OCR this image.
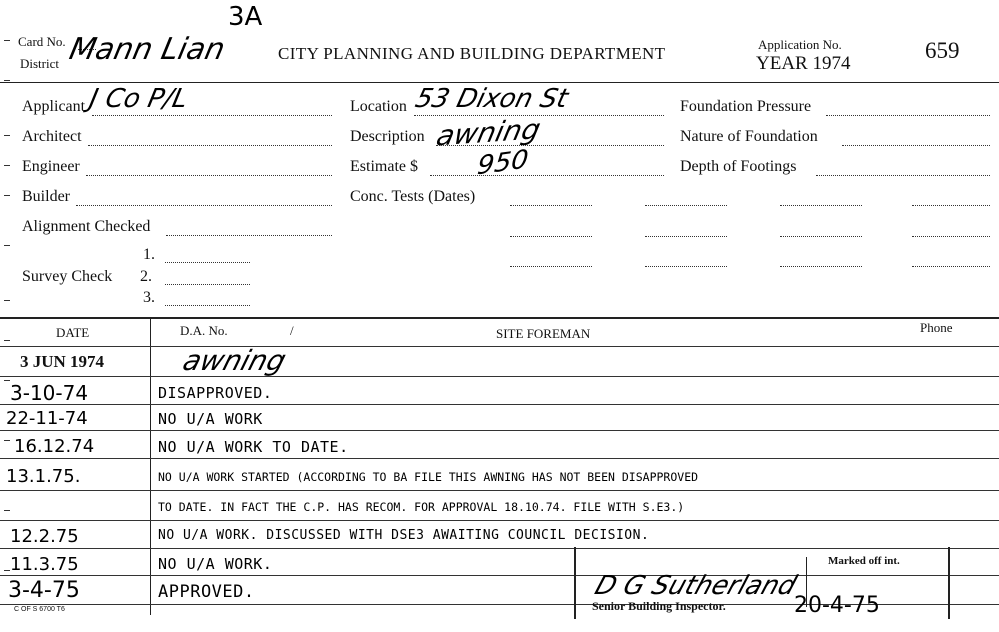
3A
Card No.
District Mann Lian	CITY PLANNING AND BUILDING DEPARTMENT	Application No.
YEAR 1974
659
Applicant J Co P/L
Architect
Engineer
Builder
Alignment Checked
1.
Survey Check 2.
3.
Location 53 Dixon St
Description awning
Estimate $ 950
Conc. Tests (Dates)
Foundation Pressure
Nature of Foundation
Depth of Footings
DATE	D.A. No.	/	SITE FOREMAN	Phone
3 JUN 1974	awning
3-10-74	DISAPPROVED.
22-11-74	NO U/A WORK
16.12.74	NO U/A WORK TO DATE.
13.1.75.	NO U/A WORK STARTED (ACCORDING TO BA FILE THIS AWNING HAS NOT BEEN DISAPPROVED
TO DATE. IN FACT THE C.P. HAS RECOM. FOR APPROVAL 18.10.74. FILE WITH S.E3.)
12.2.75	NO U/A WORK. DISCUSSED WITH DSE3 AWAITING COUNCIL DECISION.
11.3.75	NO U/A WORK.
3-4-75	APPROVED.
Marked off int.
D G Sutherland
Senior Building Inspector.	20-4-75
C OF S 6700 T6
